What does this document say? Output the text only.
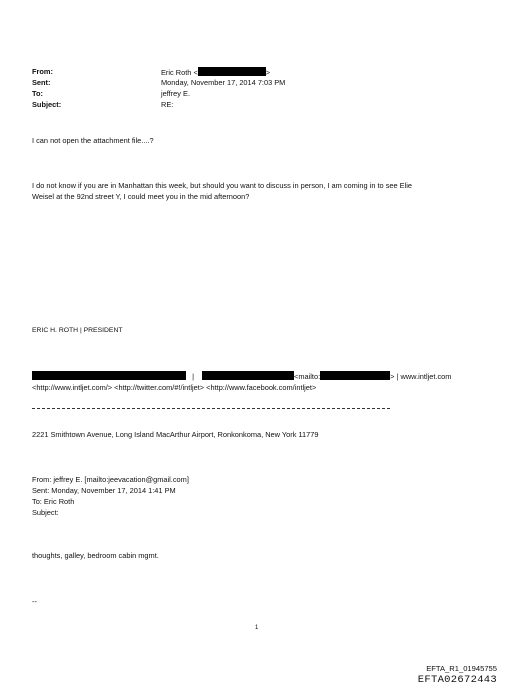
From:	Eric Roth <	>
Sent:	Monday, November 17, 2014 7:03 PM
To:	jeffrey E.
Subject:	RE:
I can not open the attachment file....?
I do not know if you are in Manhattan this week, but should you want to discuss in person, I am coming in to see Elie
Weisel at the 92nd street Y, I could meet you in the mid afternoon?
ERIC H. ROTH | PRESIDENT
|	<mailto:	> | www.intljet.com
<http://www.intljet.com/> <http://twitter.com/#!/intljet> <http://www.facebook.com/intljet>
2221 Smithtown Avenue, Long Island MacArthur Airport, Ronkonkoma, New York 11779
From: jeffrey E. [mailto:jeevacation@gmail.com]
Sent: Monday, November 17, 2014 1:41 PM
To: Eric Roth
Subject:
thoughts, galley, bedroom cabin mgmt.
--
1
EFTA_R1_01945755
EFTA02672443
